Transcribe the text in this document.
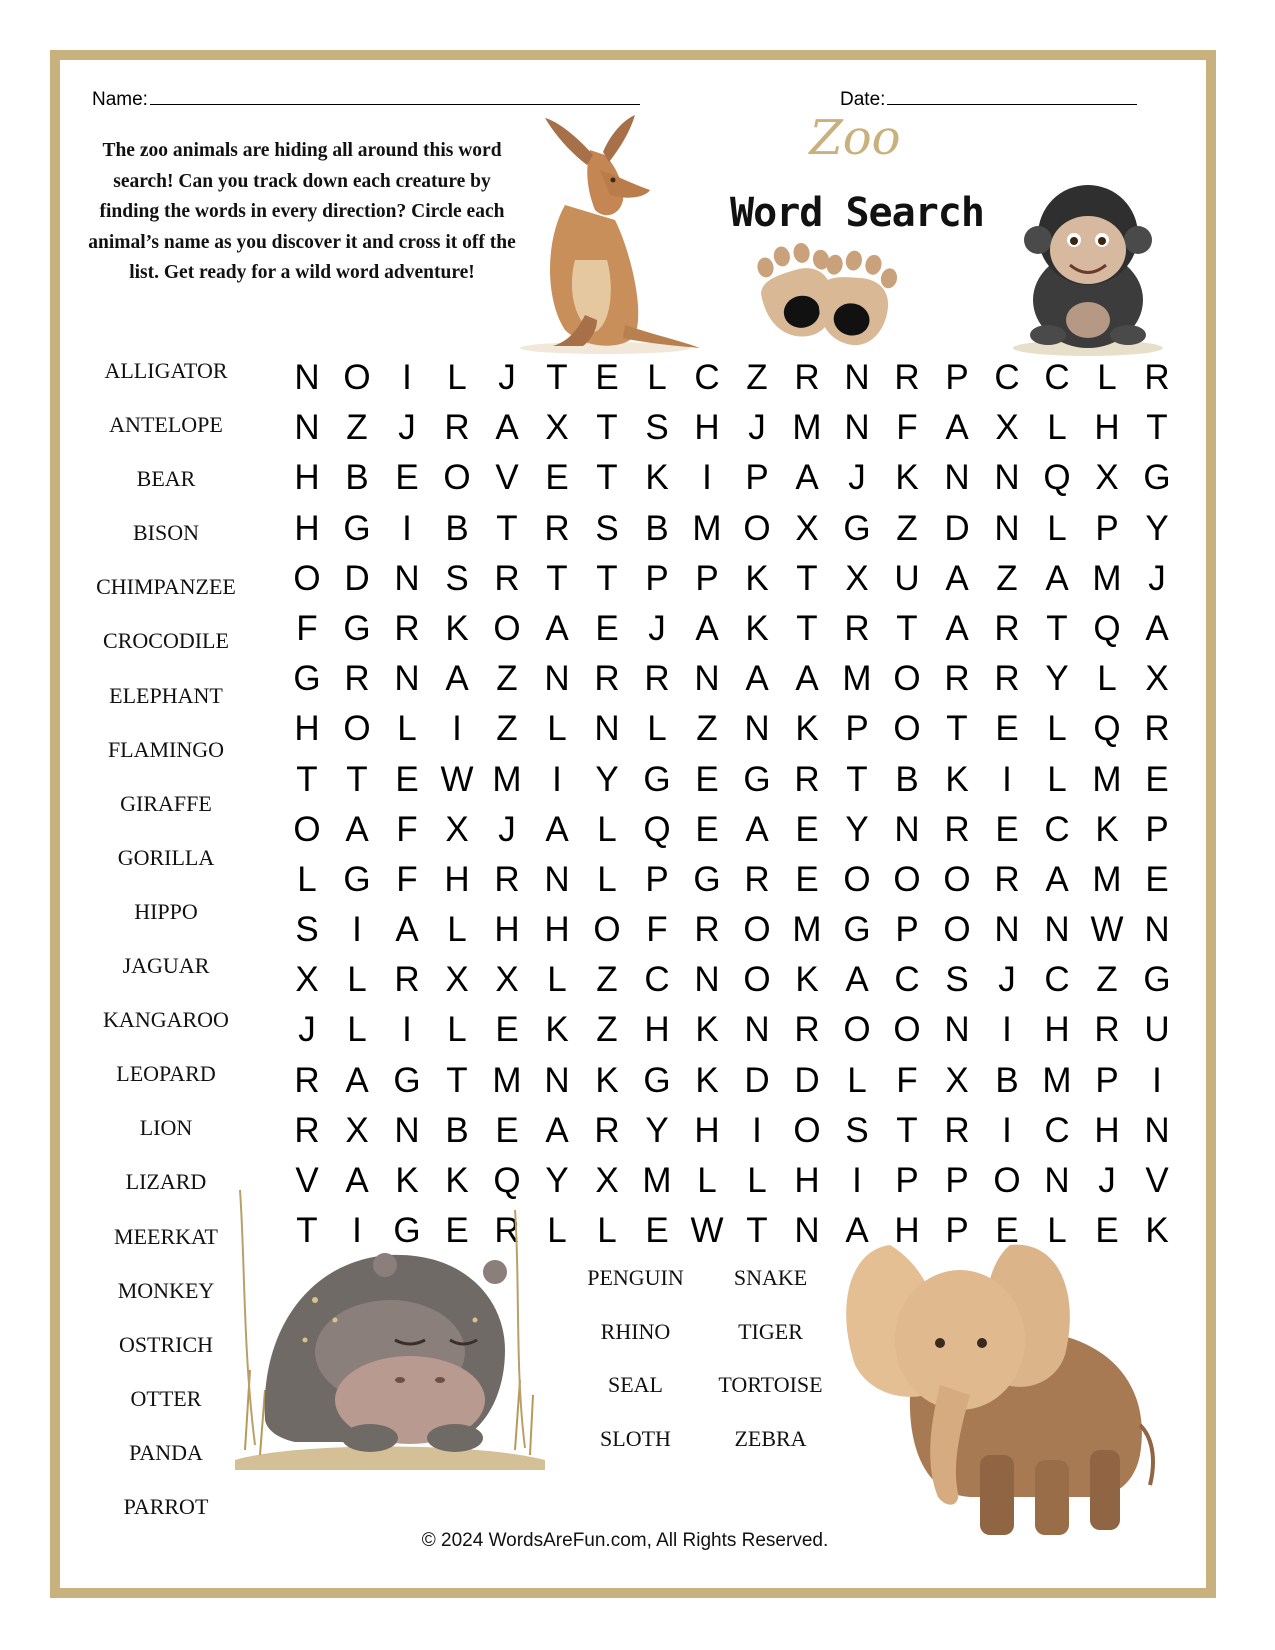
Name:	Date:
The zoo animals are hiding all around this word search! Can you track down each creature by finding the words in every direction? Circle each animal’s name as you discover it and cross it off the list. Get ready for a wild word adventure!
Zoo
Word Search
ALLIGATOR
ANTELOPE
BEAR
BISON
CHIMPANZEE
CROCODILE
ELEPHANT
FLAMINGO
GIRAFFE
GORILLA
HIPPO
JAGUAR
KANGAROO
LEOPARD
LION
LIZARD
MEERKAT
MONKEY
OSTRICH
OTTER
PANDA
PARROT
N O I	L J T E L C Z R N R P C C L R
N Z J R A X T S H J M N F A X L H T
H B E O V E T K I P A J K N N Q X G
H G I B T R S B M O X G Z D N L P Y
O D N S R T T P P K T X U A Z A M J
F G R K O A E J A K T R T A R T Q A
G R N A Z N R R N A A M O R R Y L X
H O L	I Z L N L Z N K P O T E L Q R
T T E W M I Y G E G R T B K I	L M E
O A F X J A L Q E A E Y N R E C K P
L G F H R N L P G R E O O O R A M E
S I A L H H O F R O M G P O N N W N
X L R X X L Z C N O K A C S J C Z G
J L	I	L E K Z H K N R O O N I H R U
R A G T M N K G K D D L F X B M P I
R X N B E A R Y H I O S T R I C H N
V A K K Q Y X M L L H I P P O N J V
T I G E R L L E W T N A H P E L E K
PENGUIN	SNAKE
RHINO	TIGER
SEAL	TORTOISE
SLOTH	ZEBRA
© 2024 WordsAreFun.com, All Rights Reserved.
